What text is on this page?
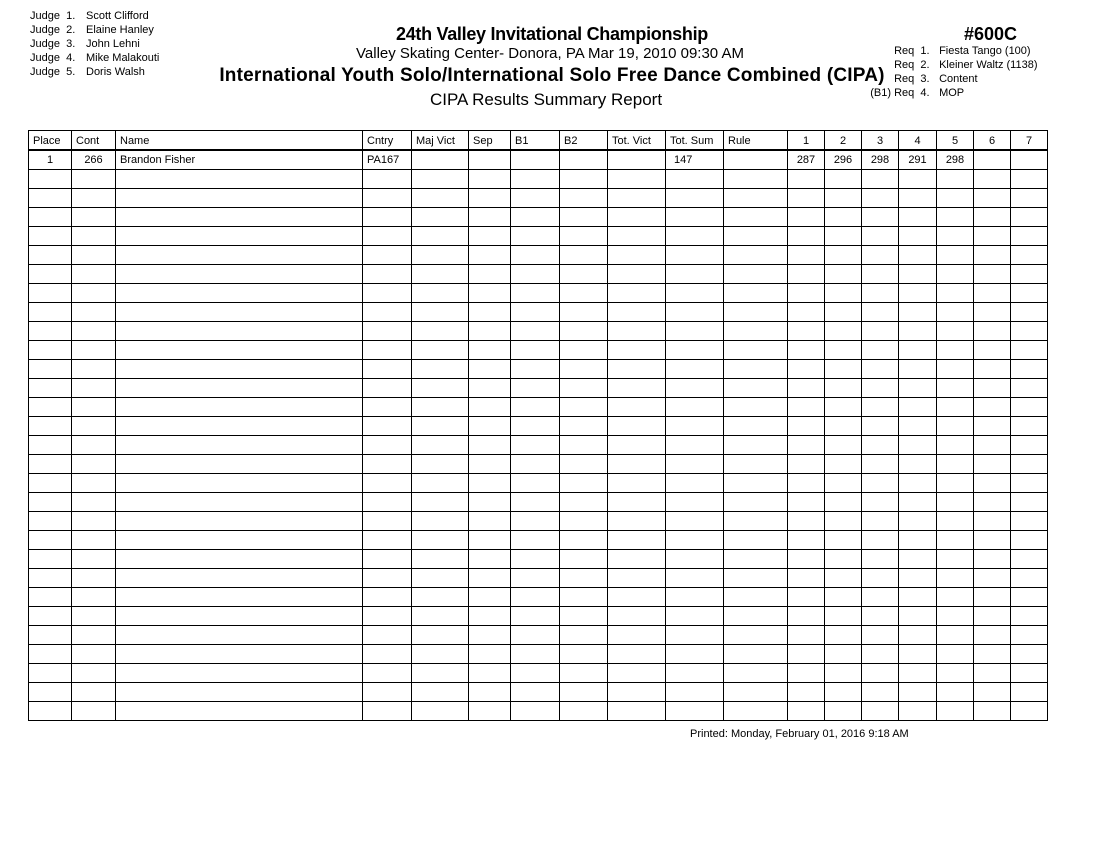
Judge  1. Scott Clifford
Judge  2. Elaine Hanley
Judge  3. John Lehni
Judge  4. Mike Malakouti
Judge  5. Doris Walsh
24th Valley Invitational Championship
Valley Skating Center- Donora, PA Mar 19, 2010 09:30 AM
International Youth Solo/International Solo Free Dance Combined (CIPA)
CIPA Results Summary Report
#600C
Req  1. Fiesta Tango (100)
Req  2. Kleiner Waltz (1138)
Req  3. Content
(B1) Req  4. MOP
Place	Cont	Name	Cntry	Maj Vict	Sep	B1	B2	Tot. Vict	Tot. Sum	Rule	1	2	3	4	5	6	7
1	266	Brandon Fisher	PA167						147		287	296	298	291	298		

Printed: Monday, February 01, 2016 9:18 AM
